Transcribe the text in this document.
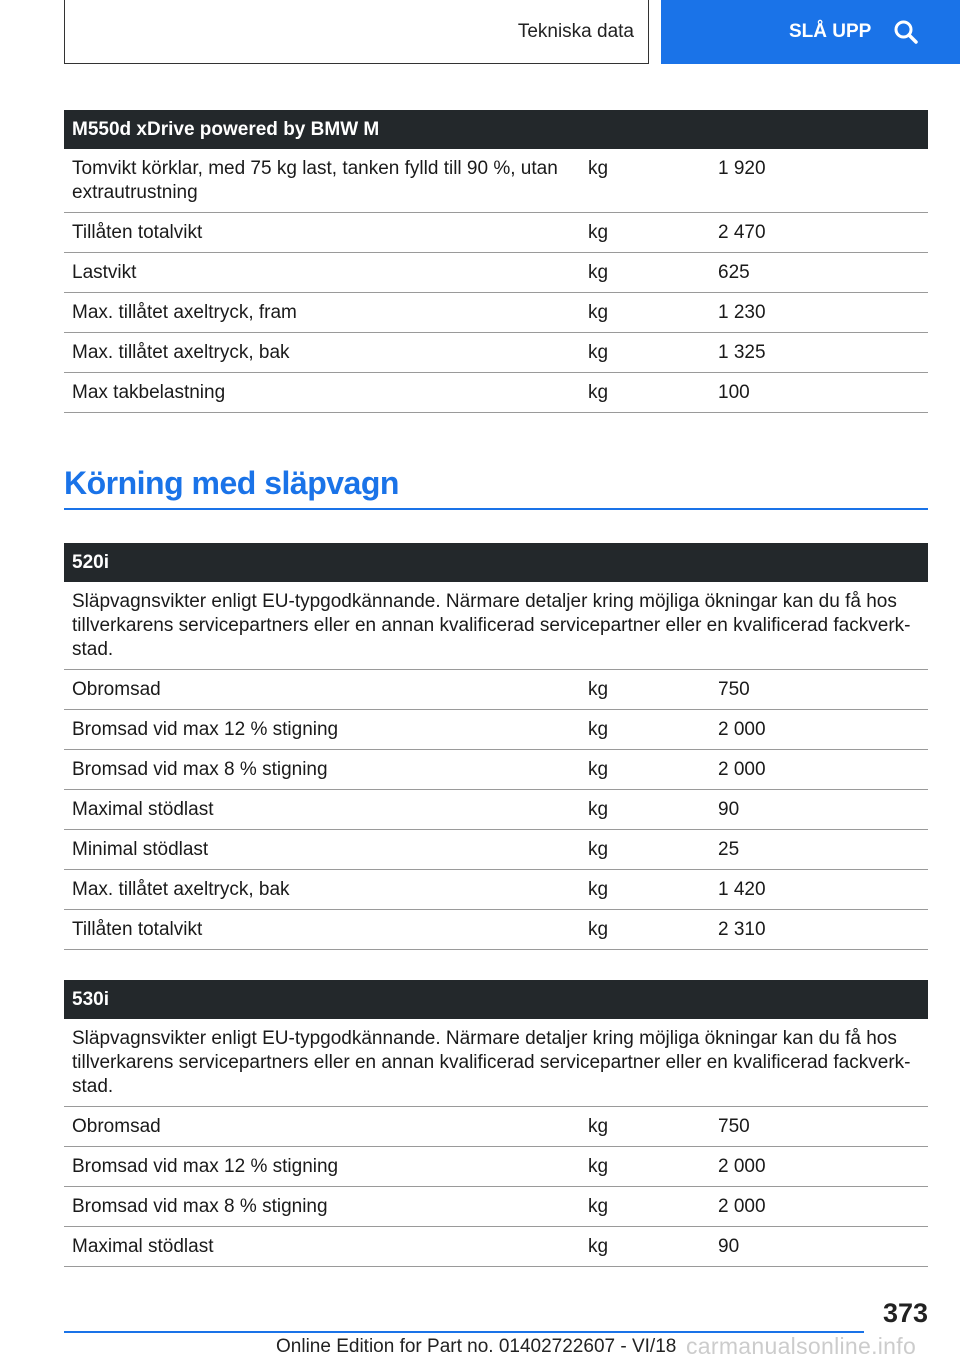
Tekniska data	SLÅ UPP
M550d xDrive powered by BMW M		
Tomvikt körklar, med 75 kg last, tanken fylld till 90 %, utan extrautrustning	kg	1 920
Tillåten totalvikt	kg	2 470
Lastvikt	kg	625
Max. tillåtet axeltryck, fram	kg	1 230
Max. tillåtet axeltryck, bak	kg	1 325
Max takbelastning	kg	100
Körning med släpvagn
520i		
Släpvagnsvikter enligt EU-typgodkännande. Närmare detaljer kring möjliga ökningar kan du få hos tillverkarens servicepartners eller en annan kvalificerad servicepartner eller en kvalificerad fackverkstad.		
Obromsad	kg	750
Bromsad vid max 12 % stigning	kg	2 000
Bromsad vid max 8 % stigning	kg	2 000
Maximal stödlast	kg	90
Minimal stödlast	kg	25
Max. tillåtet axeltryck, bak	kg	1 420
Tillåten totalvikt	kg	2 310
530i		
Släpvagnsvikter enligt EU-typgodkännande. Närmare detaljer kring möjliga ökningar kan du få hos tillverkarens servicepartners eller en annan kvalificerad servicepartner eller en kvalificerad fackverkstad.		
Obromsad	kg	750
Bromsad vid max 12 % stigning	kg	2 000
Bromsad vid max 8 % stigning	kg	2 000
Maximal stödlast	kg	90
373
Online Edition for Part no. 01402722607 - VI/18 carmanualsonline.info
